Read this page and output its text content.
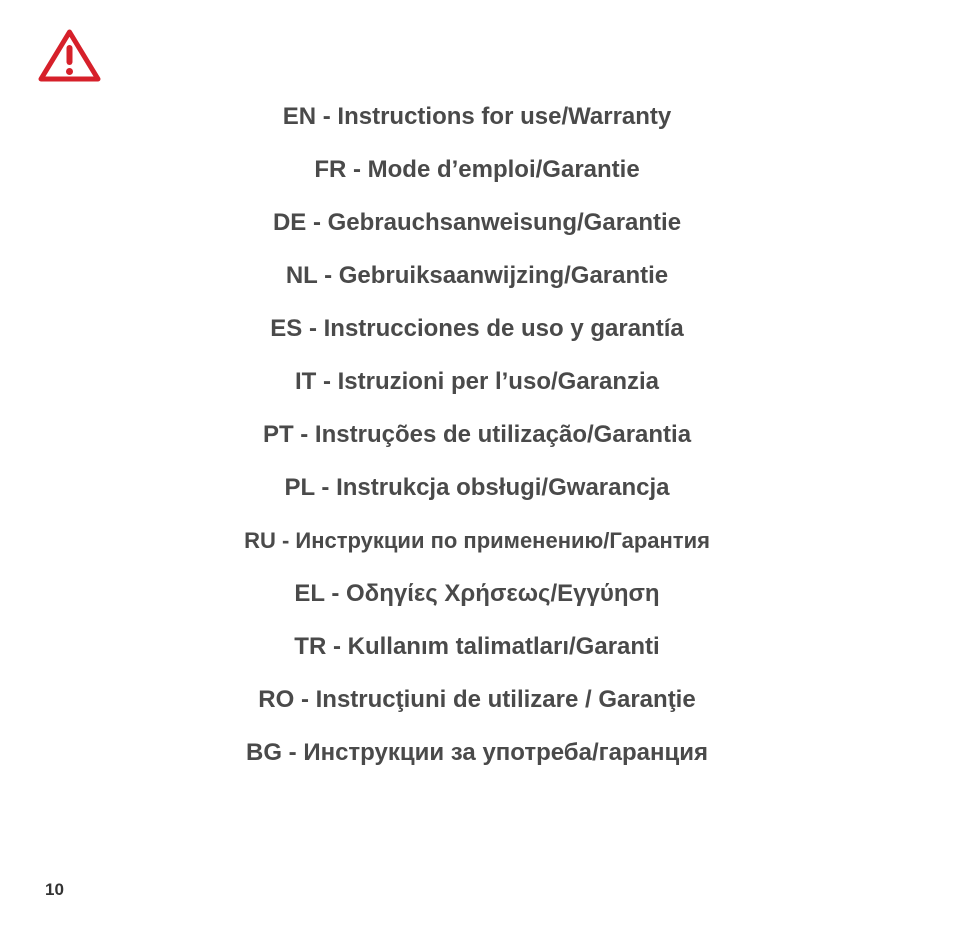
EN - Instructions for use/Warranty
FR - Mode d’emploi/Garantie
DE - Gebrauchsanweisung/Garantie
NL - Gebruiksaanwijzing/Garantie
ES - Instrucciones de uso y garantía
IT - Istruzioni per l’uso/Garanzia
PT - Instruções de utilização/Garantia
PL - Instrukcja obsługi/Gwarancja
RU - Инструкции по применению/Гарантия
EL - Οδηγίες Χρήσεως/Εγγύηση
TR - Kullanım talimatları/Garanti
RO - Instrucţiuni de utilizare / Garanţie
BG - Инструкции за употреба/гаранция
10
